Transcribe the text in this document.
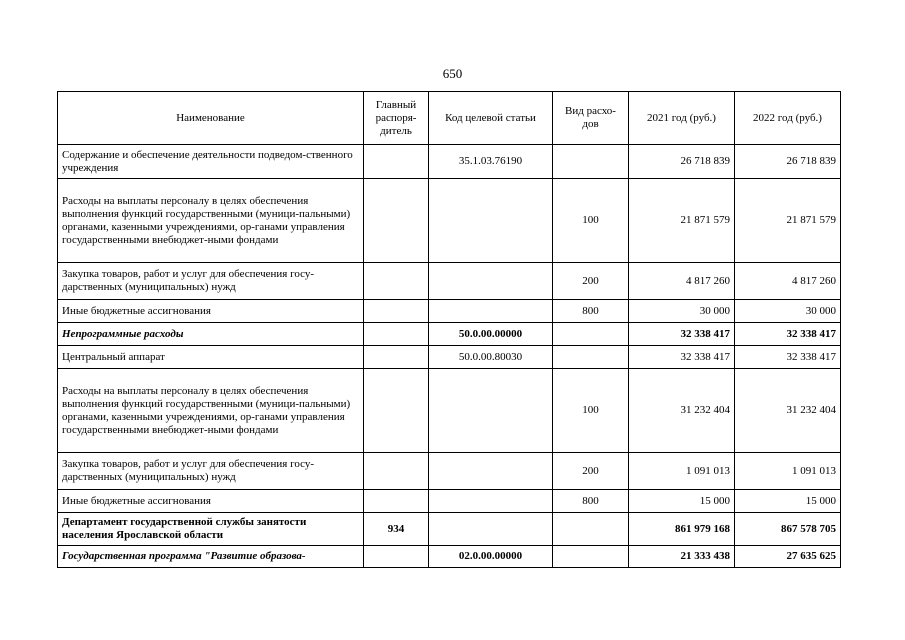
650
Наименование	Главный распоря-дитель	Код целевой статьи	Вид расхо-дов	2021 год (руб.)	2022 год (руб.)
Содержание и обеспечение деятельности подведом-ственного учреждения		35.1.03.76190		26 718 839	26 718 839
Расходы на выплаты персоналу в целях обеспечения выполнения функций государственными (муници-пальными) органами, казенными учреждениями, ор-ганами управления государственными внебюджет-ными фондами			100	21 871 579	21 871 579
Закупка товаров, работ и услуг для обеспечения госу-дарственных (муниципальных) нужд			200	4 817 260	4 817 260
Иные бюджетные ассигнования			800	30 000	30 000
Непрограммные расходы		50.0.00.00000		32 338 417	32 338 417
Центральный аппарат		50.0.00.80030		32 338 417	32 338 417
Расходы на выплаты персоналу в целях обеспечения выполнения функций государственными (муници-пальными) органами, казенными учреждениями, ор-ганами управления государственными внебюджет-ными фондами			100	31 232 404	31 232 404
Закупка товаров, работ и услуг для обеспечения госу-дарственных (муниципальных) нужд			200	1 091 013	1 091 013
Иные бюджетные ассигнования			800	15 000	15 000
Департамент государственной службы занятости населения Ярославской области	934			861 979 168	867 578 705
Государственная программа "Развитие образова-		02.0.00.00000		21 333 438	27 635 625
